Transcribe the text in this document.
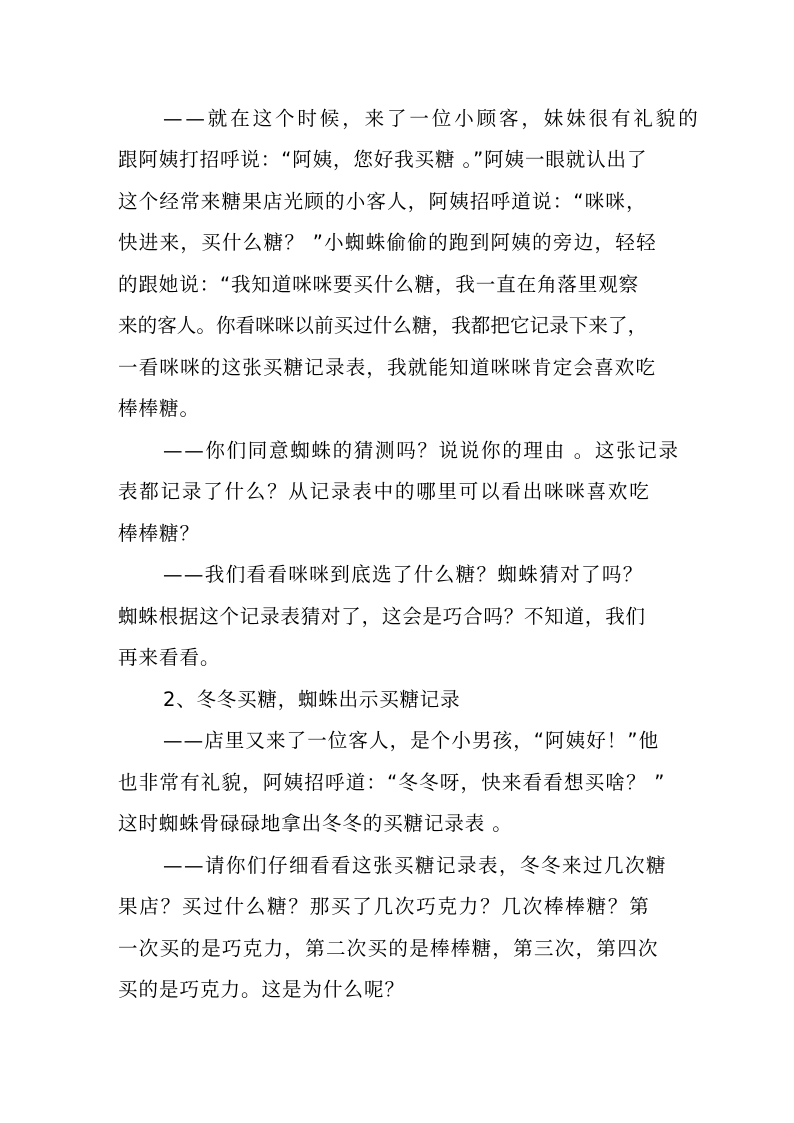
——就在这个时候，来了一位小顾客，妹妹很有礼貌的
跟阿姨打招呼说：“阿姨，您好我买糖 。”阿姨一眼就认出了
这个经常来糖果店光顾的小客人，阿姨招呼道说：“咪咪，
快进来，买什么糖？ ”小蜘蛛偷偷的跑到阿姨的旁边，轻轻
的跟她说：“我知道咪咪要买什么糖，我一直在角落里观察
来的客人。你看咪咪以前买过什么糖，我都把它记录下来了，
一看咪咪的这张买糖记录表，我就能知道咪咪肯定会喜欢吃
棒棒糖。
——你们同意蜘蛛的猜测吗？说说你的理由 。这张记录
表都记录了什么？从记录表中的哪里可以看出咪咪喜欢吃
棒棒糖？
——我们看看咪咪到底选了什么糖？蜘蛛猜对了吗？
蜘蛛根据这个记录表猜对了，这会是巧合吗？不知道，我们
再来看看。
2、冬冬买糖，蜘蛛出示买糖记录
——店里又来了一位客人，是个小男孩，“阿姨好！”他
也非常有礼貌，阿姨招呼道：“冬冬呀，快来看看想买啥？ ”
这时蜘蛛骨碌碌地拿出冬冬的买糖记录表 。
——请你们仔细看看这张买糖记录表，冬冬来过几次糖
果店？买过什么糖？那买了几次巧克力？几次棒棒糖？第
一次买的是巧克力，第二次买的是棒棒糖，第三次，第四次
买的是巧克力。这是为什么呢？
